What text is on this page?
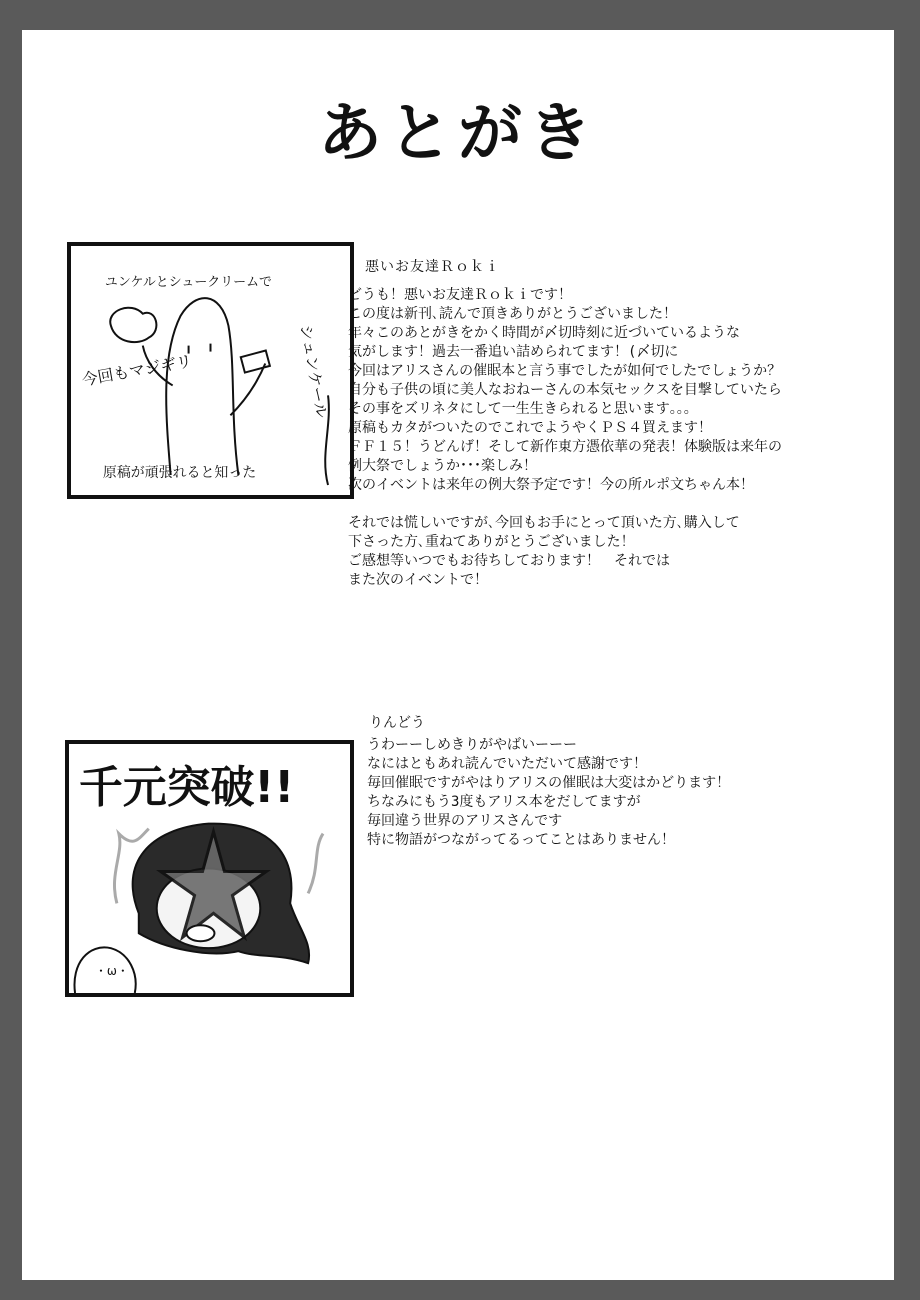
あとがき
ユンケルとシュークリームで
今回もマジギリ	シュンケール
原稿が頑張れると知った
悪いお友達Ｒｏｋｉ
どうも！悪いお友達Ｒｏｋｉです！
この度は新刊､読んで頂きありがとうございました！
年々このあとがきをかく時間が〆切時刻に近づいているような
気がします！過去一番追い詰められてます！(〆切に
今回はアリスさんの催眠本と言う事でしたが如何でしたでしょうか？
自分も子供の頃に美人なおねーさんの本気セックスを目撃していたら
その事をズリネタにして一生生きられると思います｡｡｡
原稿もカタがついたのでこれでようやくＰＳ４買えます！
ＦＦ１５！うどんげ！そして新作東方憑依華の発表！体験版は来年の
例大祭でしょうか･･･楽しみ！
次のイベントは来年の例大祭予定です！今の所ルポ文ちゃん本！

それでは慌しいですが､今回もお手にとって頂いた方､購入して
下さった方､重ねてありがとうございました！
ご感想等いつでもお待ちしております！　それでは
また次のイベントで！
千元突破!!
・ω・
りんどう
うわーーしめきりがやばいーーー
なにはともあれ読んでいただいて感謝です！
毎回催眠ですがやはりアリスの催眠は大変はかどります！
ちなみにもう3度もアリス本をだしてますが
毎回違う世界のアリスさんです
特に物語がつながってるってことはありません！
